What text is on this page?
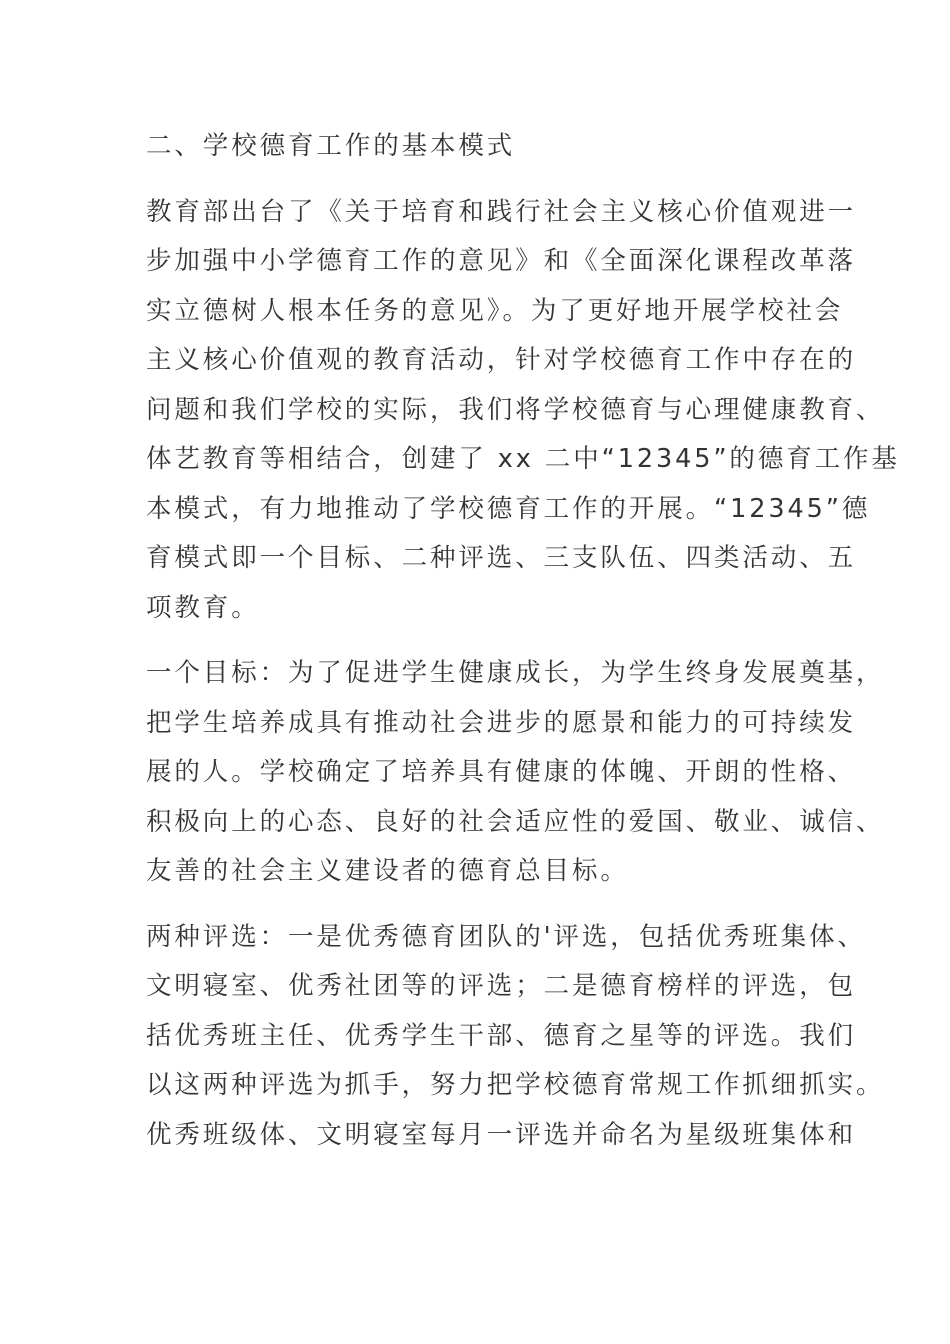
二、学校德育工作的基本模式
教育部出台了《关于培育和践行社会主义核心价值观进一
步加强中小学德育工作的意见》和《全面深化课程改革落
实立德树人根本任务的意见》。为了更好地开展学校社会
主义核心价值观的教育活动，针对学校德育工作中存在的
问题和我们学校的实际，我们将学校德育与心理健康教育、
体艺教育等相结合，创建了 xx 二中“12345”的德育工作基
本模式，有力地推动了学校德育工作的开展。“12345”德
育模式即一个目标、二种评选、三支队伍、四类活动、五
项教育。
一个目标：为了促进学生健康成长，为学生终身发展奠基，
把学生培养成具有推动社会进步的愿景和能力的可持续发
展的人。学校确定了培养具有健康的体魄、开朗的性格、
积极向上的心态、良好的社会适应性的爱国、敬业、诚信、
友善的社会主义建设者的德育总目标。
两种评选：一是优秀德育团队的'评选，包括优秀班集体、
文明寝室、优秀社团等的评选；二是德育榜样的评选，包
括优秀班主任、优秀学生干部、德育之星等的评选。我们
以这两种评选为抓手，努力把学校德育常规工作抓细抓实。
优秀班级体、文明寝室每月一评选并命名为星级班集体和
